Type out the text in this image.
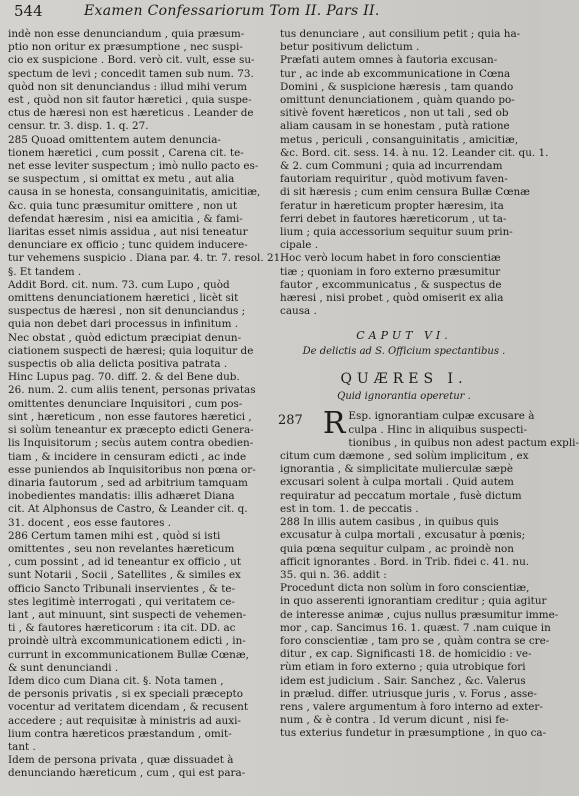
544	Examen Confessariorum Tom II. Pars II.
indè non esse denunciandum , quia præsum-
ptio non oritur ex præsumptione , nec suspi-
cio ex suspicione . Bord. verò cit. vult, esse su-
spectum de levi ; concedit tamen sub num. 73.
quòd non sit denunciandus : illud mihi verum
est , quòd non sit fautor hæretici , quia suspe-
ctus de hæresi non est hæreticus . Leander de
censur. tr. 3. disp. 1. q. 27.
285 Quoad omittentem autem denuncia-
tionem hæretici , cum possit , Carena cit. te-
net esse leviter suspectum ; imò nullo pacto es-
se suspectum , si omittat ex metu , aut alia
causa in se honesta, consanguinitatis, amicitiæ,
&c. quia tunc præsumitur omittere , non ut
defendat hæresim , nisi ea amicitia , & fami-
liaritas esset nimis assidua , aut nisi teneatur
denunciare ex officio ; tunc quidem inducere-
tur vehemens suspicio . Diana par. 4. tr. 7. resol. 21.
§. Et tandem .
Addit Bord. cit. num. 73. cum Lupo , quòd
omittens denunciationem hæretici , licèt sit
suspectus de hæresi , non sit denunciandus ;
quia non debet dari processus in infinitum .
Nec obstat , quòd edictum præcipiat denun-
ciationem suspecti de hæresi; quia loquitur de
suspectis ob alia delicta positiva patrata .
Hinc Lupus pag. 70. diff. 2. & del Bene dub.
26. num. 2. cum aliis tenent, personas privatas
omittentes denunciare Inquisitori , cum pos-
sint , hæreticum , non esse fautores hæretici ,
si solùm teneantur ex præcepto edicti Genera-
lis Inquisitorum ; secùs autem contra obedien-
tiam , & incidere in censuram edicti , ac inde
esse puniendos ab Inquisitoribus non pœna or-
dinaria fautorum , sed ad arbitrium tamquam
inobedientes mandatis: illis adhæret Diana
cit. At Alphonsus de Castro, & Leander cit. q.
31. docent , eos esse fautores .
286 Certum tamen mihi est , quòd si isti
omittentes , seu non revelantes hæreticum
, cum possint , ad id teneantur ex officio , ut
sunt Notarii , Socii , Satellites , & similes ex
officio Sancto Tribunali inservientes , & te-
stes legitimè interrogati , qui veritatem ce-
lant , aut minuunt, sint suspecti de vehemen-
ti , & fautores hæreticorum : ita cit. DD. ac
proindè ultrà excommunicationem edicti , in-
currunt in excommunicationem Bullæ Cœnæ,
& sunt denunciandi .
Idem dico cum Diana cit. §. Nota tamen ,
de personis privatis , si ex speciali præcepto
vocentur ad veritatem dicendam , & recusent
accedere ; aut requisitæ à ministris ad auxi-
lium contra hæreticos præstandum , omit-
tant .
Idem de persona privata , quæ dissuadet à
denunciando hæreticum , cum , qui est para-
tus denunciare , aut consilium petit ; quia ha-
betur positivum delictum .
Præfati autem omnes à fautoria excusan-
tur , ac inde ab excommunicatione in Cœna
Domini , & suspicione hæresis , tam quando
omittunt denunciationem , quàm quando po-
sitivè fovent hæreticos , non ut tali , sed ob
aliam causam in se honestam , putà ratione
metus , periculi , consanguinitatis , amicitiæ,
&c. Bord. cit. sess. 14. à nu. 12. Leander cit. qu. 1.
& 2. cum Communi ; quia ad incurrendam
fautoriam requiritur , quòd motivum faven-
di sit hæresis ; cum enim censura Bullæ Cœnæ
feratur in hæreticum propter hæresim, ita
ferri debet in fautores hæreticorum , ut ta-
lium ; quia accessorium sequitur suum prin-
cipale .
Hoc verò locum habet in foro conscientiæ
tiæ ; quoniam in foro externo præsumitur
fautor , excommunicatus , & suspectus de
hæresi , nisi probet , quòd omiserit ex alia
causa .
CAPUT VI.
De delictis ad S. Officium spectantibus .
QUÆRES I.
Quid ignorantia operetur .
287 R Esp. ignorantiam culpæ excusare à
culpa . Hinc in aliquibus suspecti-
tionibus , in quibus non adest pactum expli-
citum cum dæmone , sed solùm implicitum , ex
ignorantia , & simplicitate mulierculæ sæpè
excusari solent à culpa mortali . Quid autem
requiratur ad peccatum mortale , fusè dictum
est in tom. 1. de peccatis .
288 In illis autem casibus , in quibus quis
excusatur à culpa mortali , excusatur à pœnis;
quia pœna sequitur culpam , ac proindè non
afficit ignorantes . Bord. in Trib. fidei c. 41. nu.
35. qui n. 36. addit :
Procedunt dicta non solùm in foro conscientiæ,
in quo asserenti ignorantiam creditur ; quia agitur
de interesse animæ , cujus nullus præsumitur imme-
mor , cap. Sancimus 16. 1. quæst. 7 .nam cuique in
foro conscientiæ , tam pro se , quàm contra se cre-
ditur , ex cap. Significasti 18. de homicidio : ve-
rùm etiam in foro externo ; quia utrobique fori
idem est judicium . Sair. Sanchez , &c. Valerus
in prælud. differ. utriusque juris , v. Forus , asse-
rens , valere argumentum à foro interno ad exter-
num , & è contra . Id verum dicunt , nisi fe-
tus exterius fundetur in præsumptione , in quo ca-
